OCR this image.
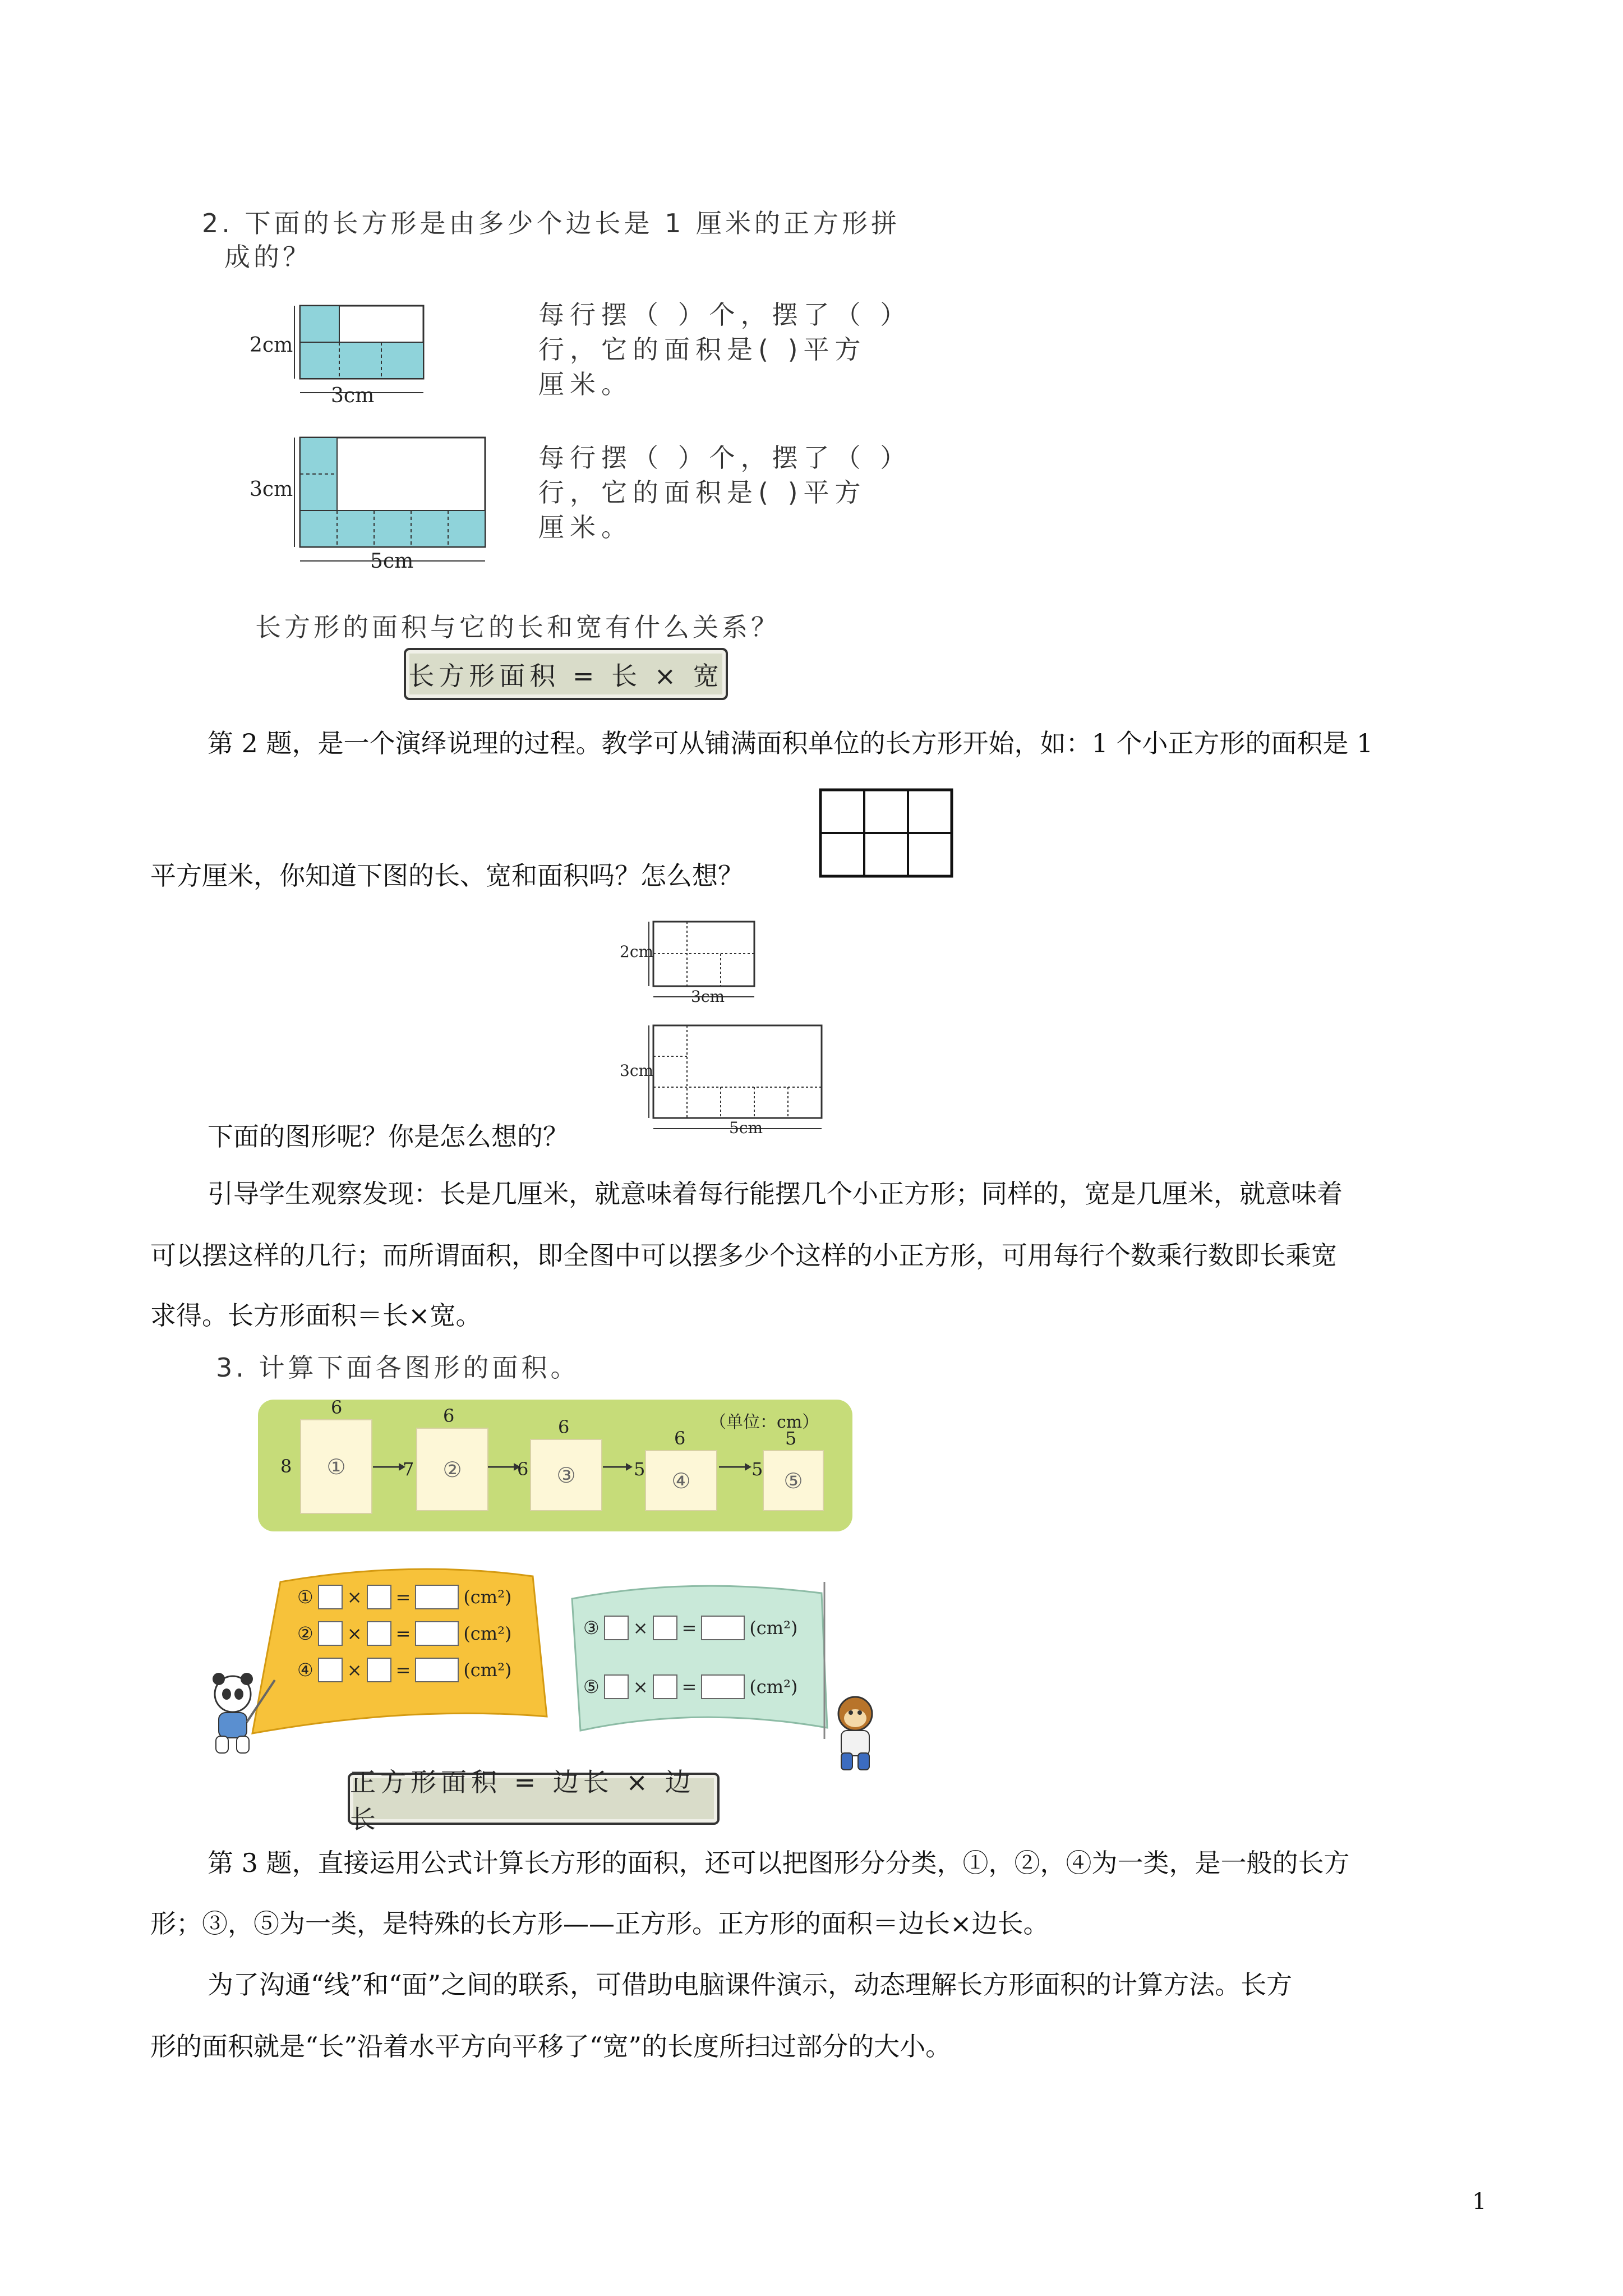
2. 下面的长方形是由多少个边长是 1 厘米的正方形拼
成的？
2cm
3cm
每行摆（ ）个，摆了（ ）
行，它的面积是( )平方
厘米。
3cm
5cm
每行摆（ ）个，摆了（ ）
行，它的面积是( )平方
厘米。
长方形的面积与它的长和宽有什么关系？
长方形面积 = 长 × 宽
第 2 题，是一个演绎说理的过程。教学可从铺满面积单位的长方形开始，如：1 个小正方形的面积是 1
平方厘米，你知道下图的长、宽和面积吗？怎么想？
2cm
3cm
3cm
5cm
下面的图形呢？你是怎么想的？
引导学生观察发现：长是几厘米，就意味着每行能摆几个小正方形；同样的，宽是几厘米，就意味着
可以摆这样的几行；而所谓面积，即全图中可以摆多少个这样的小正方形，可用每行个数乘行数即长乘宽
求得。长方形面积＝长×宽。
3. 计算下面各图形的面积。
（单位：cm）
6
8	①
6
7	②
6
6	③
6
5	④
5
5 ⑤
① × =	(cm²)
② × =	(cm²)
④ × =	(cm²)
③ × =	(cm²)
⑤ × =	(cm²)
正方形面积 = 边长 × 边长
第 3 题，直接运用公式计算长方形的面积，还可以把图形分分类，①，②，④为一类，是一般的长方
形；③，⑤为一类，是特殊的长方形——正方形。正方形的面积＝边长×边长。
为了沟通“线”和“面”之间的联系，可借助电脑课件演示，动态理解长方形面积的计算方法。长方
形的面积就是“长”沿着水平方向平移了“宽”的长度所扫过部分的大小。
1
